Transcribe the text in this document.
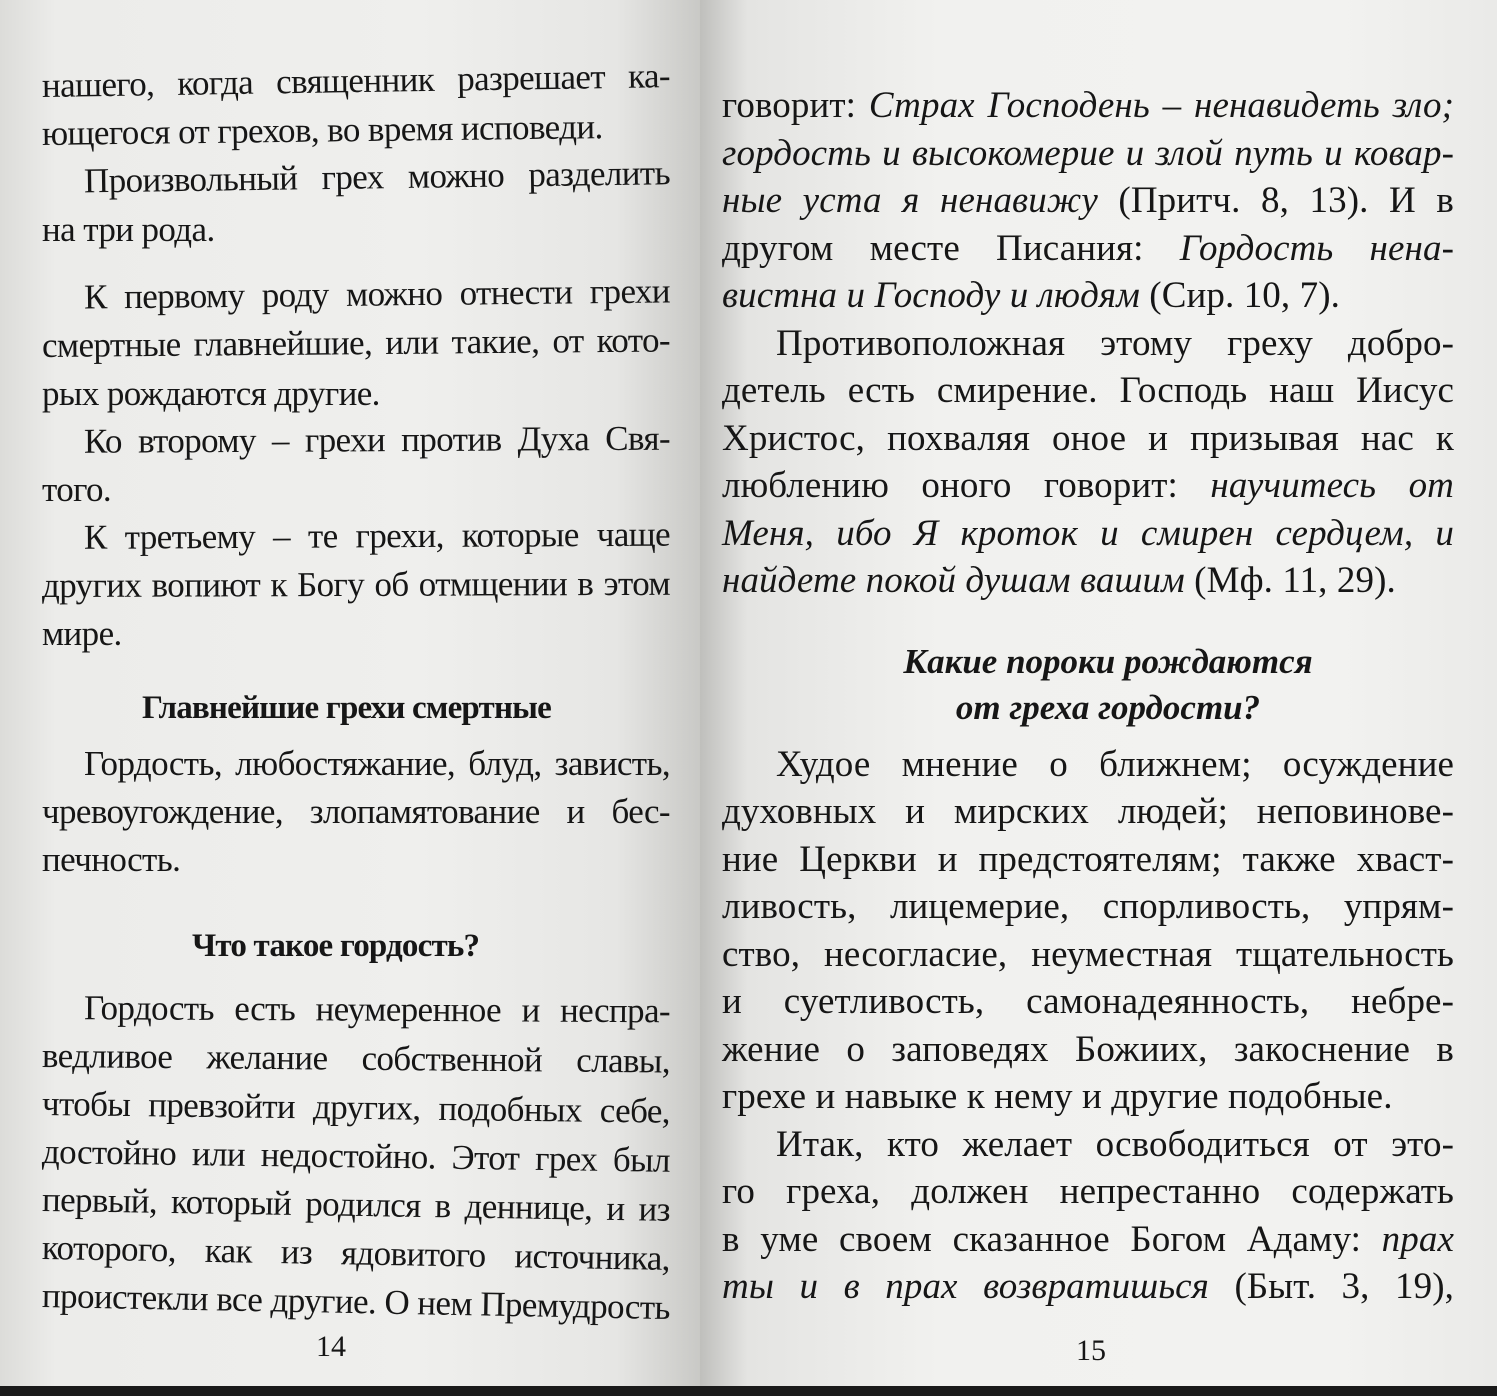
нашего, когда священник разрешает ка-
ющегося от грехов, во время исповеди.
Произвольный грех можно разделить
на три рода.
К первому роду можно отнести грехи
смертные главнейшие, или такие, от кото-
рых рождаются другие.
Ко второму – грехи против Духа Свя-
того.
К третьему – те грехи, которые чаще
других вопиют к Богу об отмщении в этом
мире.
Главнейшие грехи смертные
Гордость, любостяжание, блуд, зависть,
чревоугождение, злопамятование и бес-
печность.
Что такое гордость?
Гордость есть неумеренное и неспра-
ведливое желание собственной славы,
чтобы превзойти других, подобных себе,
достойно или недостойно. Этот грех был
первый, который родился в деннице, и из
которого, как из ядовитого источника,
проистекли все другие. О нем Премудрость
14
говорит: Страх Господень – ненавидеть зло;
гордость и высокомерие и злой путь и ковар-
ные уста я ненавижу (Притч. 8, 13). И в
другом месте Писания: Гордость нена-
вистна и Господу и людям (Сир. 10, 7).
Противоположная этому греху добро-
детель есть смирение. Господь наш Иисус
Христос, похваляя оное и призывая нас к
люблению оного говорит: научитесь от
Меня, ибо Я кроток и смирен сердцем, и
найдете покой душам вашим (Мф. 11, 29).
Какие пороки рождаются
от греха гордости?
Худое мнение о ближнем; осуждение
духовных и мирских людей; неповинове-
ние Церкви и предстоятелям; также хваст-
ливость, лицемерие, спорливость, упрям-
ство, несогласие, неуместная тщательность
и суетливость, самонадеянность, небре-
жение о заповедях Божиих, закоснение в
грехе и навыке к нему и другие подобные.
Итак, кто желает освободиться от это-
го греха, должен непрестанно содержать
в уме своем сказанное Богом Адаму: прах
ты и в прах возвратишься (Быт. 3, 19),
15
